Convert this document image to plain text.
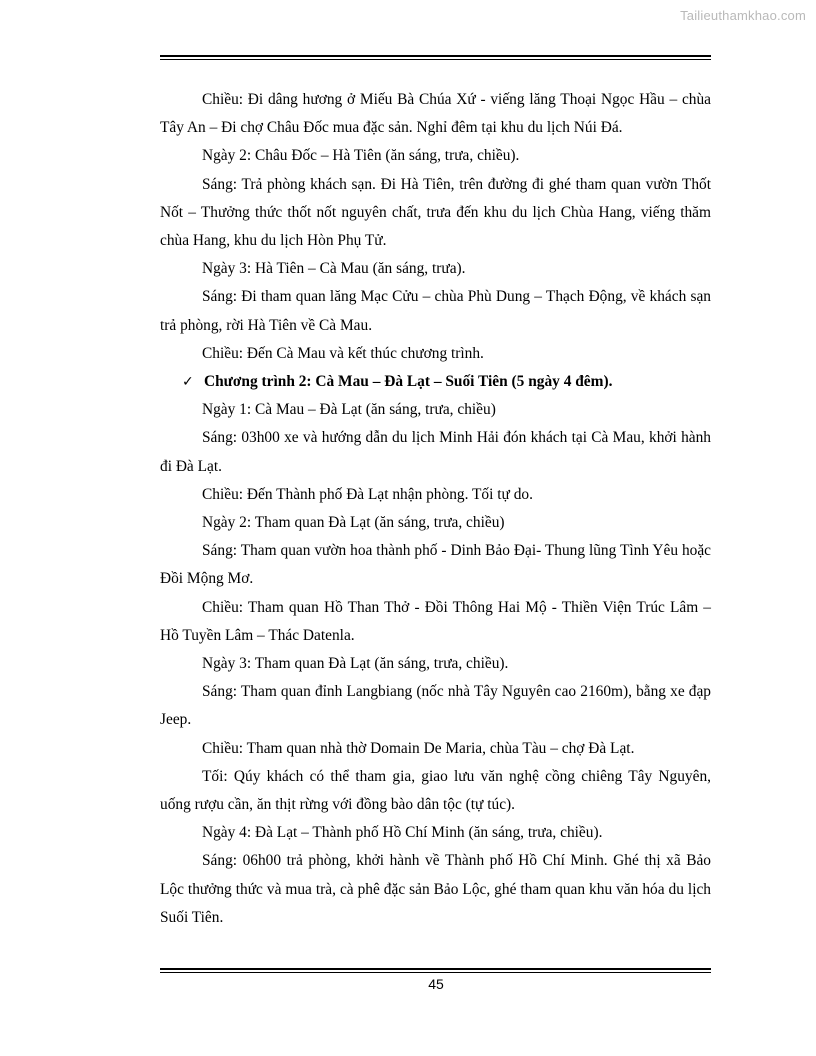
Tailieuthamkhao.com

Chiều: Đi dâng hương ở Miếu Bà Chúa Xứ - viếng lăng Thoại Ngọc Hầu – chùa Tây An – Đi chợ Châu Đốc mua đặc sản. Nghỉ đêm tại khu du lịch Núi Đá.

Ngày 2: Châu Đốc – Hà Tiên (ăn sáng, trưa, chiều).

Sáng: Trả phòng khách sạn. Đi Hà Tiên, trên đường đi ghé tham quan vườn Thốt Nốt – Thưởng thức thốt nốt nguyên chất, trưa đến khu du lịch Chùa Hang, viếng thăm chùa Hang, khu du lịch Hòn Phụ Tử.

Ngày 3: Hà Tiên – Cà Mau (ăn sáng, trưa).

Sáng: Đi tham quan lăng Mạc Cửu – chùa Phù Dung – Thạch Động, về khách sạn trả phòng, rời Hà Tiên về Cà Mau.

Chiều: Đến Cà Mau và kết thúc chương trình.

✓ Chương trình 2: Cà Mau – Đà Lạt – Suối Tiên (5 ngày 4 đêm).

Ngày 1: Cà Mau – Đà Lạt (ăn sáng, trưa, chiều)

Sáng: 03h00 xe và hướng dẫn du lịch Minh Hải đón khách tại Cà Mau, khởi hành đi Đà Lạt.

Chiều: Đến Thành phố Đà Lạt nhận phòng. Tối tự do.

Ngày 2: Tham quan Đà Lạt (ăn sáng, trưa, chiều)

Sáng: Tham quan vườn hoa thành phố - Dinh Bảo Đại- Thung lũng Tình Yêu hoặc Đồi Mộng Mơ.

Chiều: Tham quan Hồ Than Thở - Đồi Thông Hai Mộ - Thiền Viện Trúc Lâm – Hồ Tuyền Lâm – Thác Datenla.

Ngày 3: Tham quan Đà Lạt (ăn sáng, trưa, chiều).

Sáng: Tham quan đỉnh Langbiang (nốc nhà Tây Nguyên cao 2160m), bằng xe đạp Jeep.

Chiều: Tham quan nhà thờ Domain De Maria, chùa Tàu – chợ Đà Lạt.

Tối: Qúy khách có thể tham gia, giao lưu văn nghệ cồng chiêng Tây Nguyên, uống rượu cần, ăn thịt rừng với đồng bào dân tộc (tự túc).

Ngày 4: Đà Lạt – Thành phố Hồ Chí Minh (ăn sáng, trưa, chiều).

Sáng: 06h00 trả phòng, khởi hành về Thành phố Hồ Chí Minh. Ghé thị xã Bảo Lộc thưởng thức và mua trà, cà phê đặc sản Bảo Lộc, ghé tham quan khu văn hóa du lịch Suối Tiên.

45
